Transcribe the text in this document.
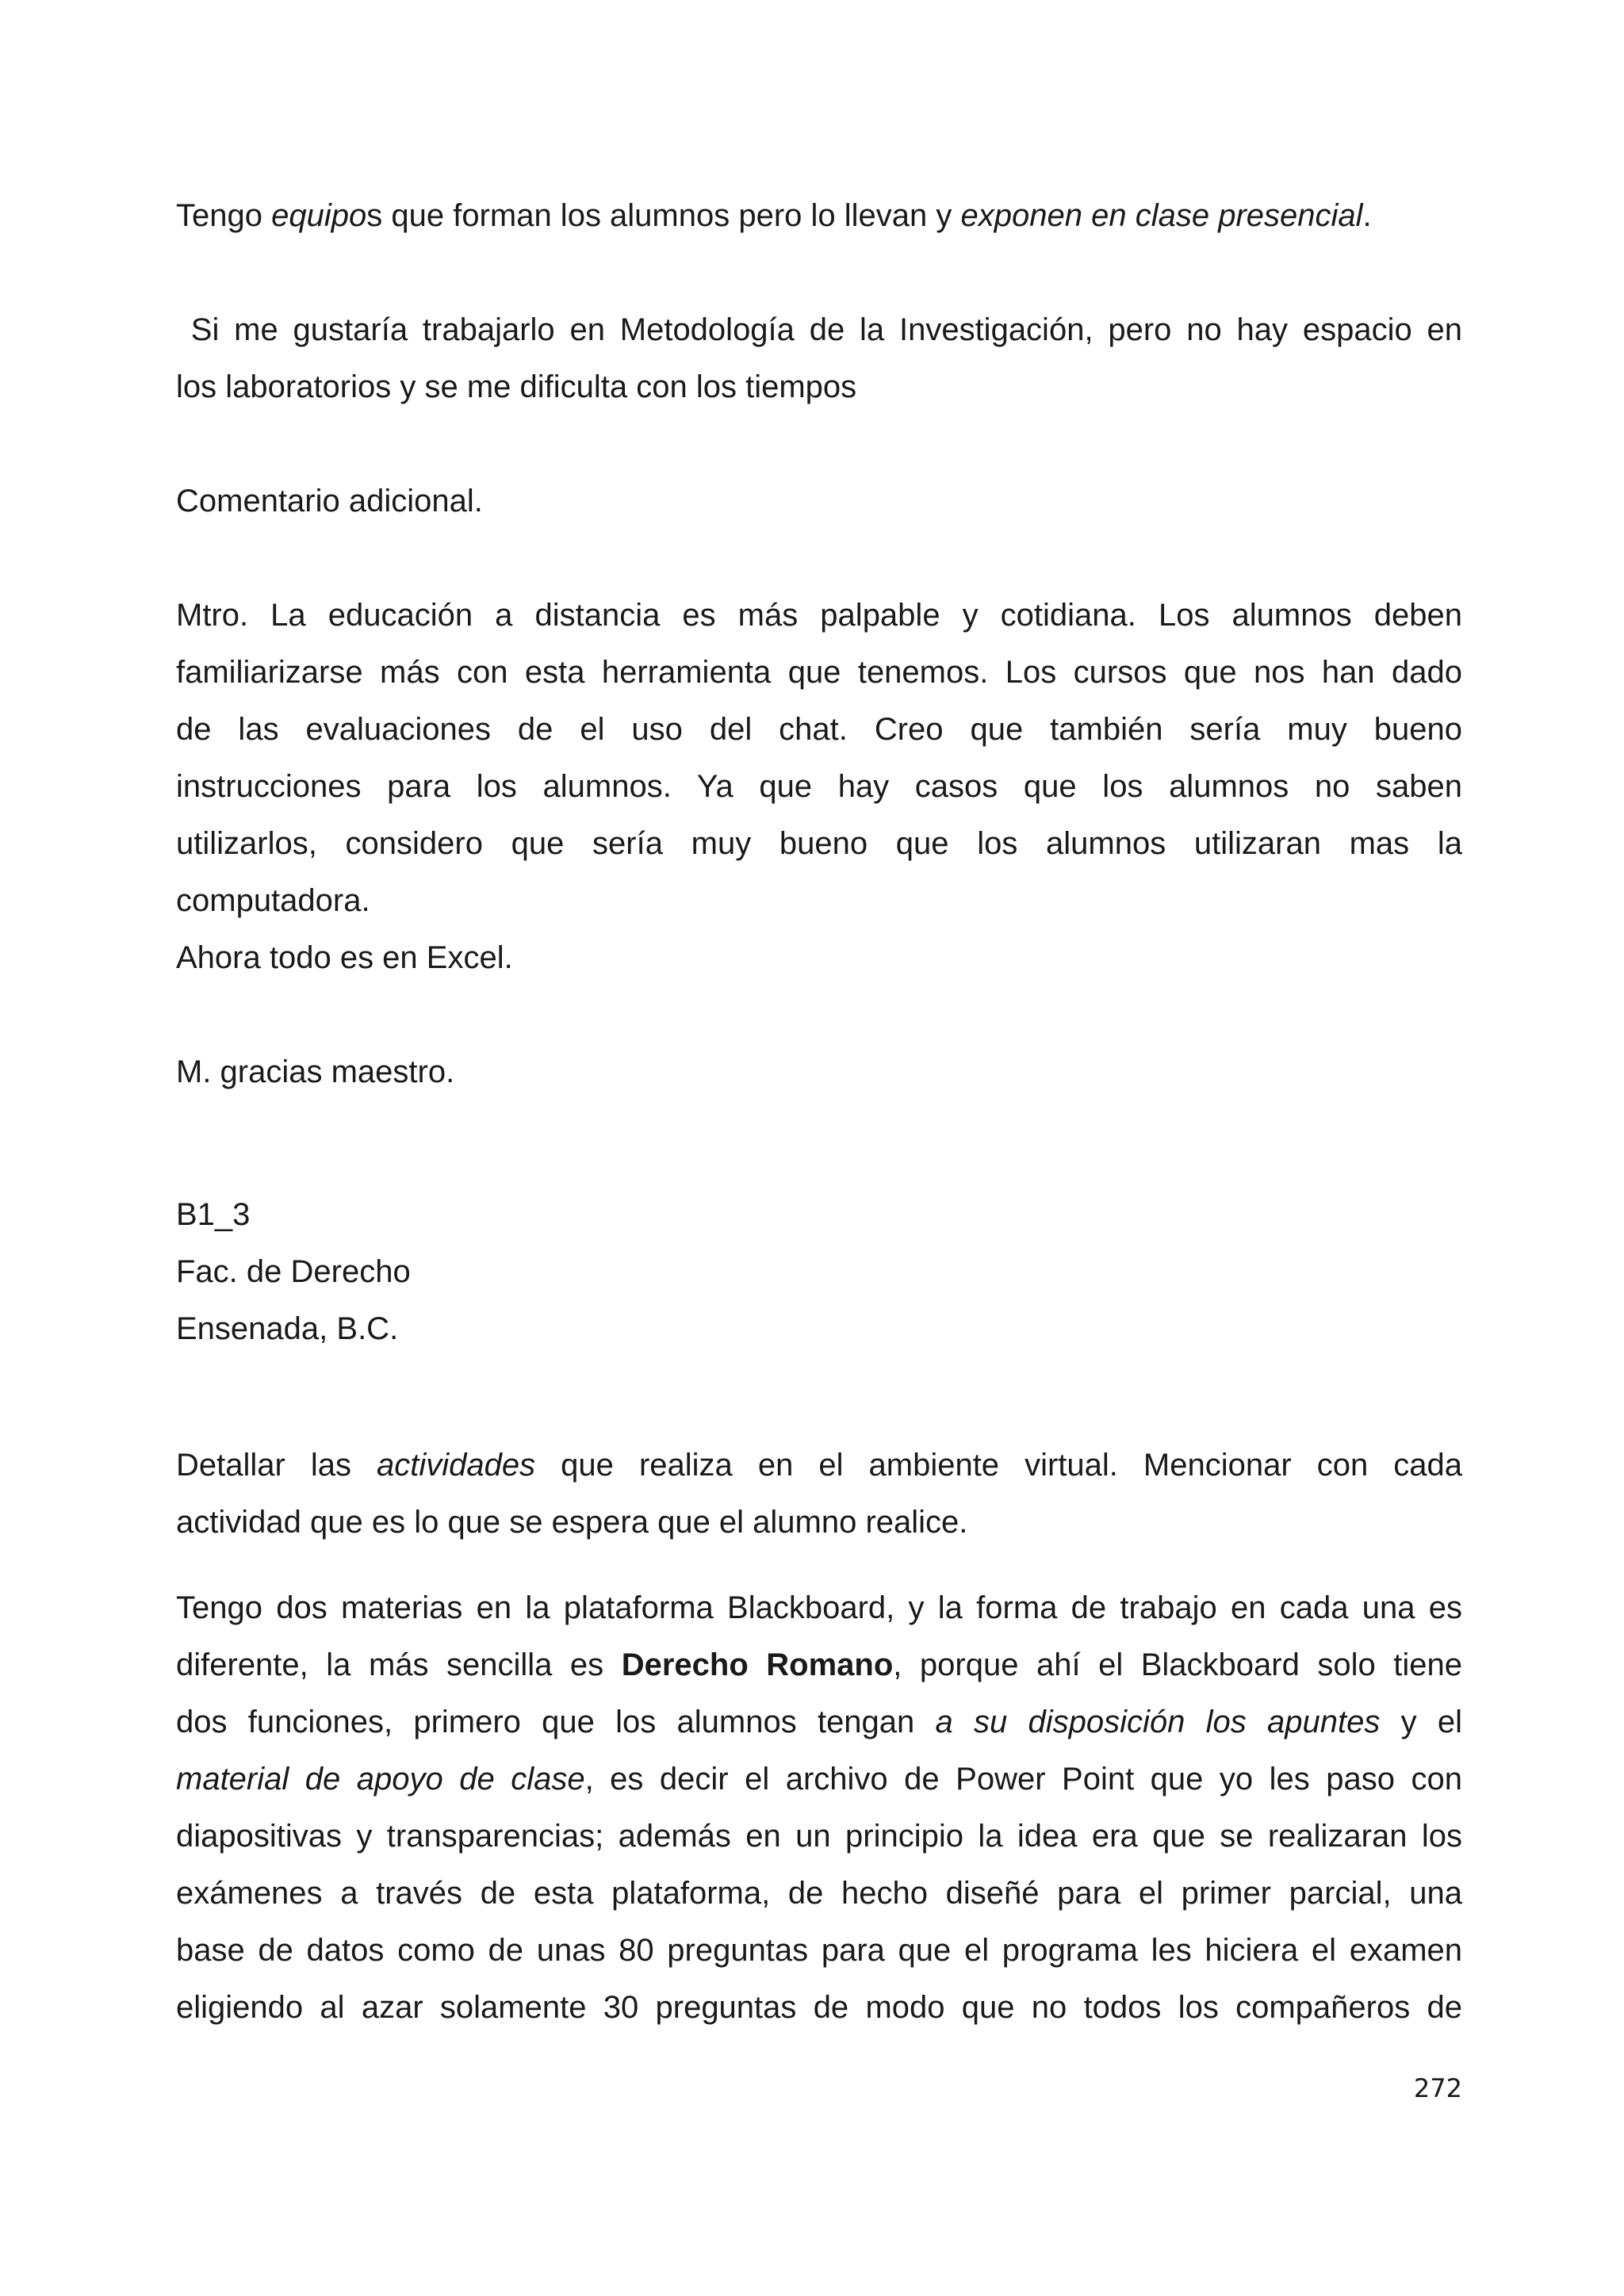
Tengo equipos que forman los alumnos pero lo llevan y exponen en clase presencial.

Si me gustaría trabajarlo en Metodología de la Investigación, pero no hay espacio en
los laboratorios y se me dificulta con los tiempos

Comentario adicional.

Mtro. La educación a distancia es más palpable y cotidiana. Los alumnos deben
familiarizarse más con esta herramienta que tenemos. Los cursos que nos han dado
de las evaluaciones de el uso del chat. Creo que también sería muy bueno
instrucciones para los alumnos. Ya que hay casos que los alumnos no saben
utilizarlos, considero que sería muy bueno que los alumnos utilizaran mas la
computadora.
Ahora todo es en Excel.

M. gracias maestro.

B1_3
Fac. de Derecho
Ensenada, B.C.

Detallar las actividades que realiza en el ambiente virtual. Mencionar con cada
actividad que es lo que se espera que el alumno realice.

Tengo dos materias en la plataforma Blackboard, y la forma de trabajo en cada una es
diferente, la más sencilla es Derecho Romano, porque ahí el Blackboard solo tiene
dos funciones, primero que los alumnos tengan a su disposición los apuntes y el
material de apoyo de clase, es decir el archivo de Power Point que yo les paso con
diapositivas y transparencias; además en un principio la idea era que se realizaran los
exámenes a través de esta plataforma, de hecho diseñé para el primer parcial, una
base de datos como de unas 80 preguntas para que el programa les hiciera el examen
eligiendo al azar solamente 30 preguntas de modo que no todos los compañeros de

272
